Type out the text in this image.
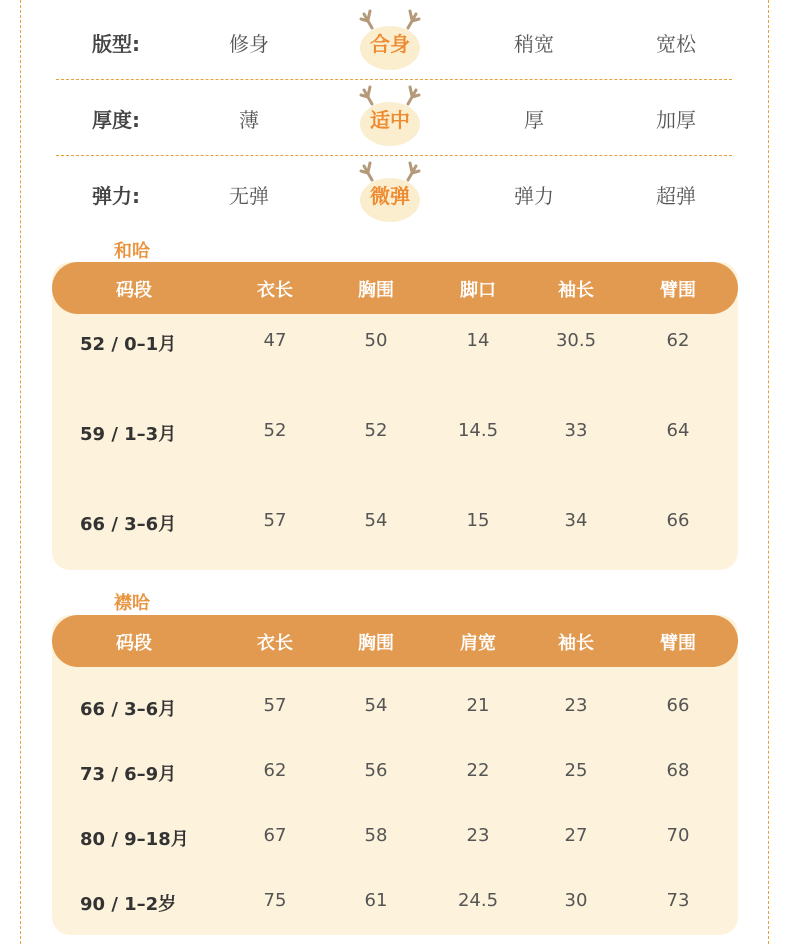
版型:	修身	合身	稍宽	宽松
厚度:	薄	适中	厚	加厚
弹力:	无弹	微弹	弹力	超弹
和哈
码段	衣长	胸围	脚口	袖长	臂围
52 / 0–1月	47	50	14	30.5	62
59 / 1–3月	52	52	14.5	33	64
66 / 3–6月	57	54	15	34	66
襟哈
码段	衣长	胸围	肩宽	袖长	臂围
66 / 3–6月	57	54	21	23	66
73 / 6–9月	62	56	22	25	68
80 / 9–18月	67	58	23	27	70
90 / 1–2岁	75	61	24.5	30	73
